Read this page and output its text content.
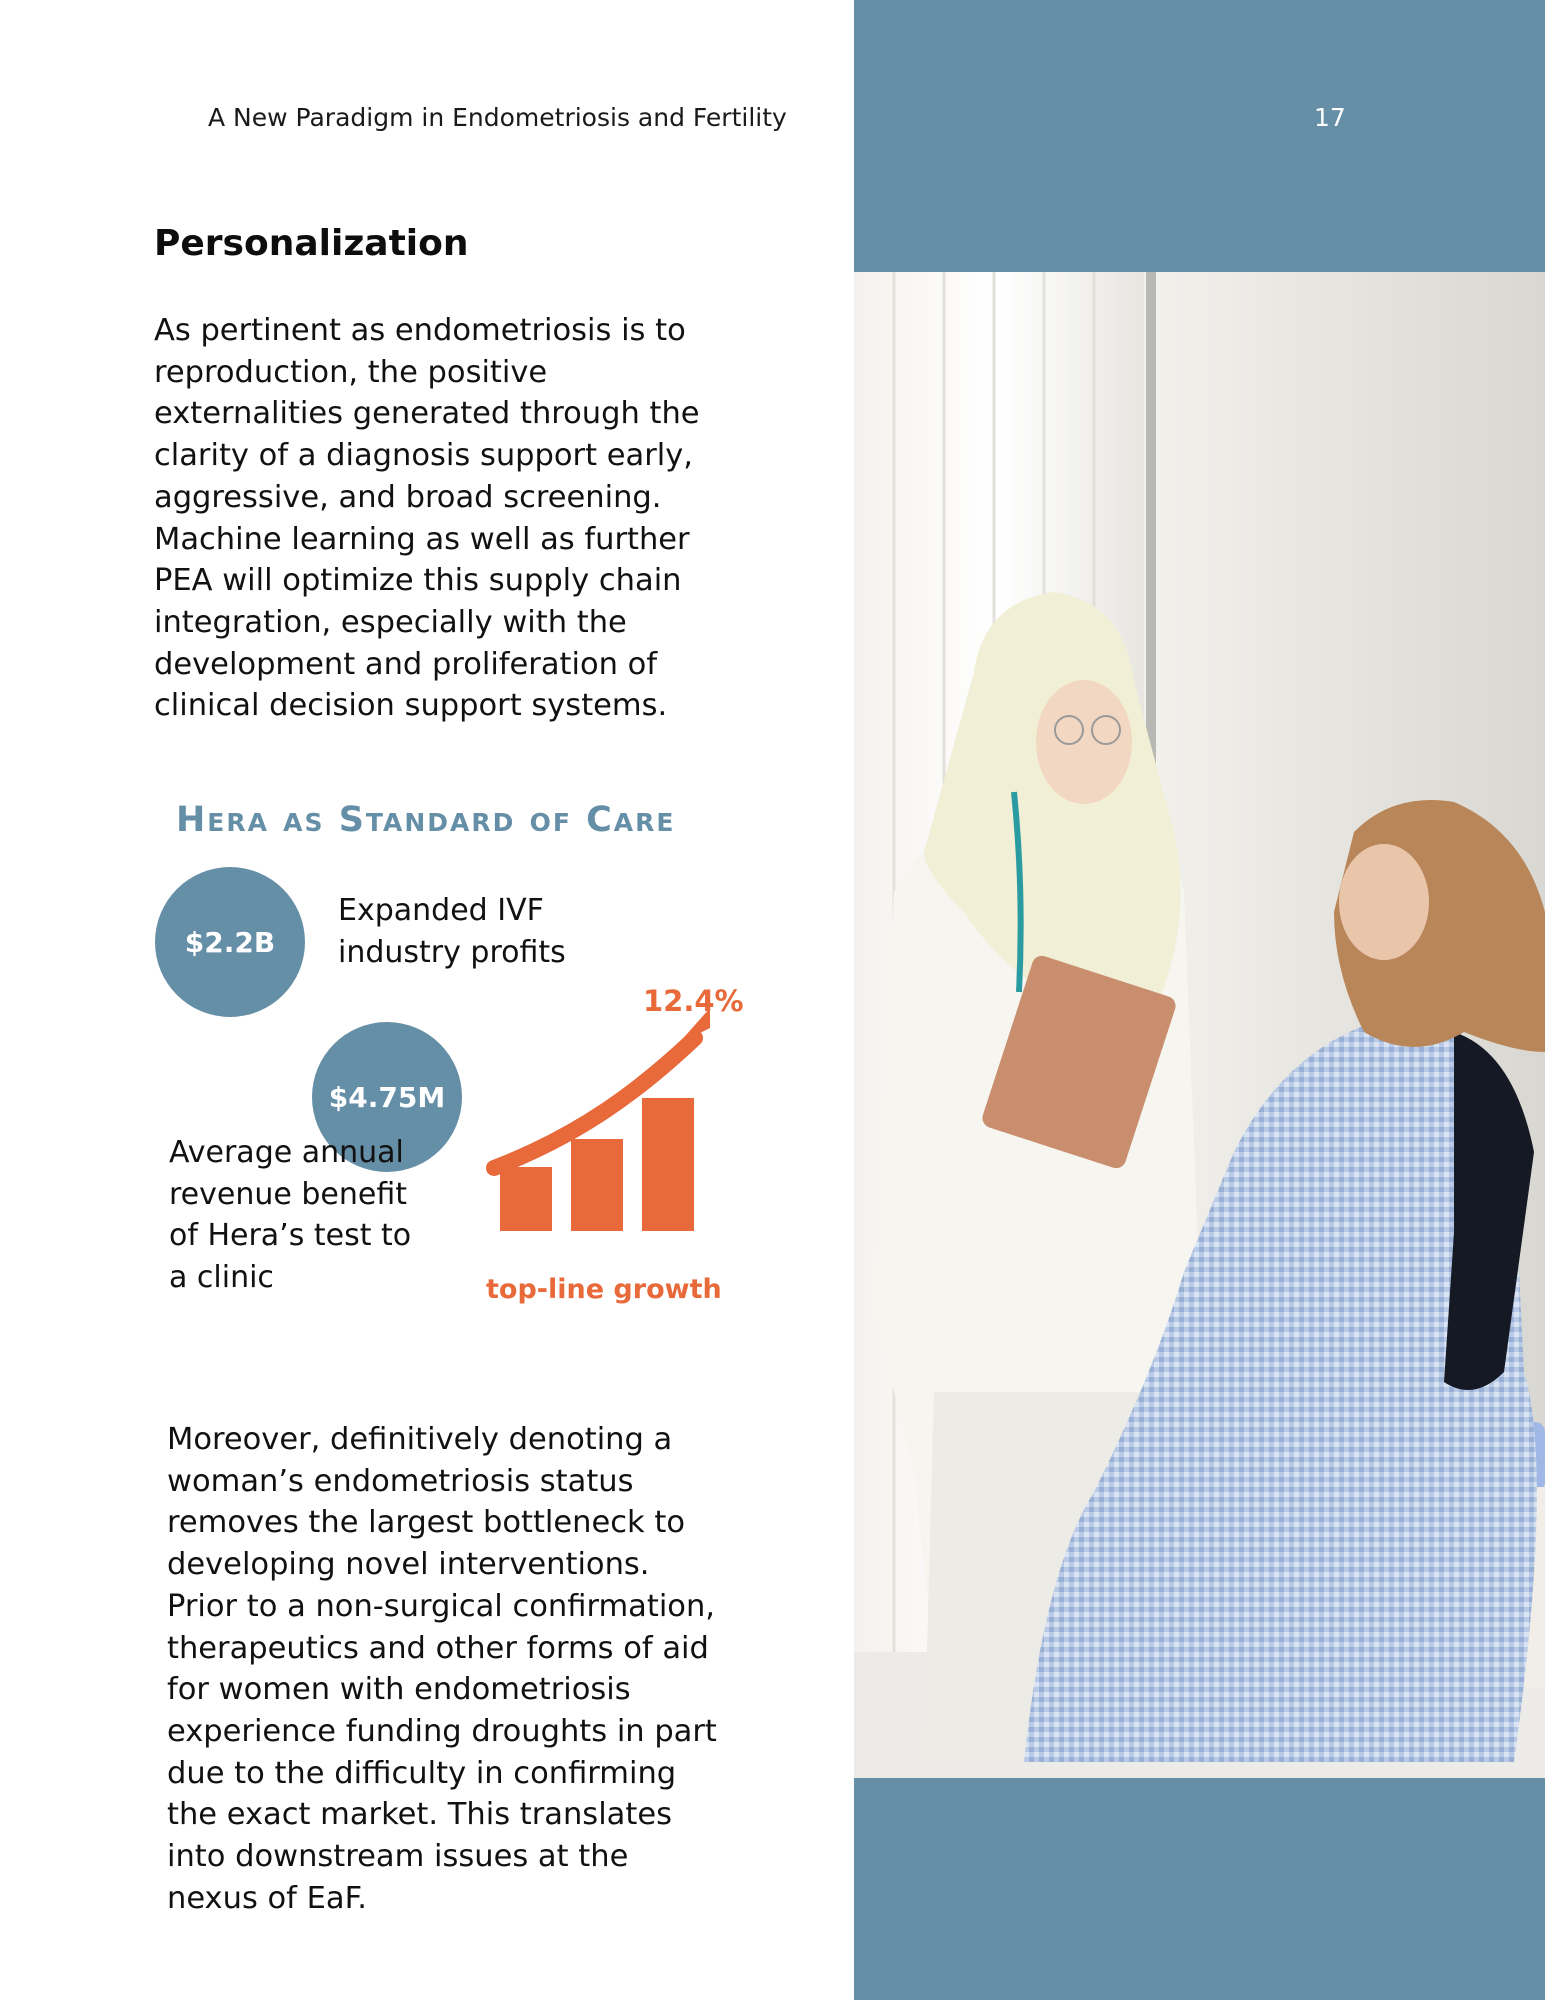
A New Paradigm in Endometriosis and Fertility	17
Personalization
As pertinent as endometriosis is to reproduction, the positive externalities generated through the clarity of a diagnosis support early, aggressive, and broad screening. Machine learning as well as further PEA will optimize this supply chain integration, especially with the development and proliferation of clinical decision support systems.
Hera as Standard of Care
$2.2B
Expanded IVF industry profits
$4.75M
Average annual revenue benefit of Hera’s test to a clinic
12.4%
top-line growth
Moreover, definitively denoting a woman’s endometriosis status removes the largest bottleneck to developing novel interventions. Prior to a non-surgical confirmation, therapeutics and other forms of aid for women with endometriosis experience funding droughts in part due to the difficulty in confirming the exact market. This translates into downstream issues at the nexus of EaF.
